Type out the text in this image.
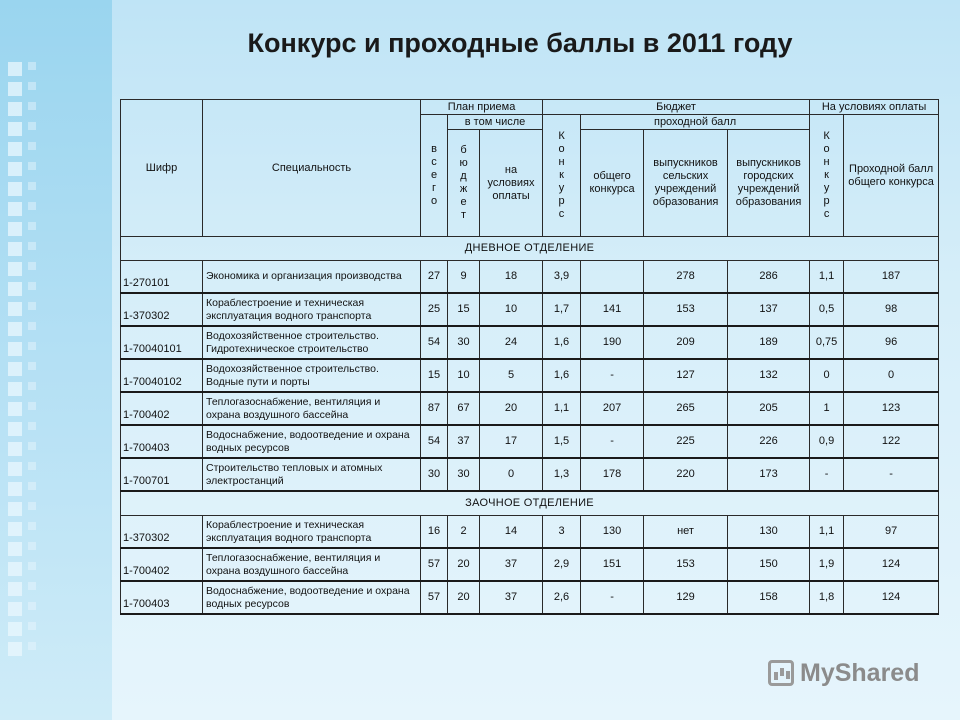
Конкурс и проходные баллы в 2011 году
Шифр	Специальность	План приема			Бюджет				На условиях оплаты	
		всего	в том числе		Конкурс	проходной балл			Конкурс	Проходной балл общего конкурса
			бюджет	на условиях оплаты		общего конкурса	выпускников сельских учреждений образования	выпускников городских учреждений образования		
ДНЕВНОЕ ОТДЕЛЕНИЕ										
1-270101	Экономика и организация производства	27	9	18	3,9		278	286	1,1	187
1-370302	Кораблестроение и техническая эксплуатация водного транспорта	25	15	10	1,7	141	153	137	0,5	98
1-70040101	Водохозяйственное строительство. Гидротехническое строительство	54	30	24	1,6	190	209	189	0,75	96
1-70040102	Водохозяйственное строительство. Водные пути и порты	15	10	5	1,6	-	127	132	0	0
1-700402	Теплогазоснабжение, вентиляция и охрана воздушного бассейна	87	67	20	1,1	207	265	205	1	123
1-700403	Водоснабжение, водоотведение и охрана водных ресурсов	54	37	17	1,5	-	225	226	0,9	122
1-700701	Строительство тепловых и атомных электростанций	30	30	0	1,3	178	220	173	-	-
ЗАОЧНОЕ ОТДЕЛЕНИЕ										
1-370302	Кораблестроение и техническая эксплуатация водного транспорта	16	2	14	3	130	нет	130	1,1	97
1-700402	Теплогазоснабжение, вентиляция и охрана воздушного бассейна	57	20	37	2,9	151	153	150	1,9	124
1-700403	Водоснабжение, водоотведение и охрана водных ресурсов	57	20	37	2,6	-	129	158	1,8	124
MyShared
